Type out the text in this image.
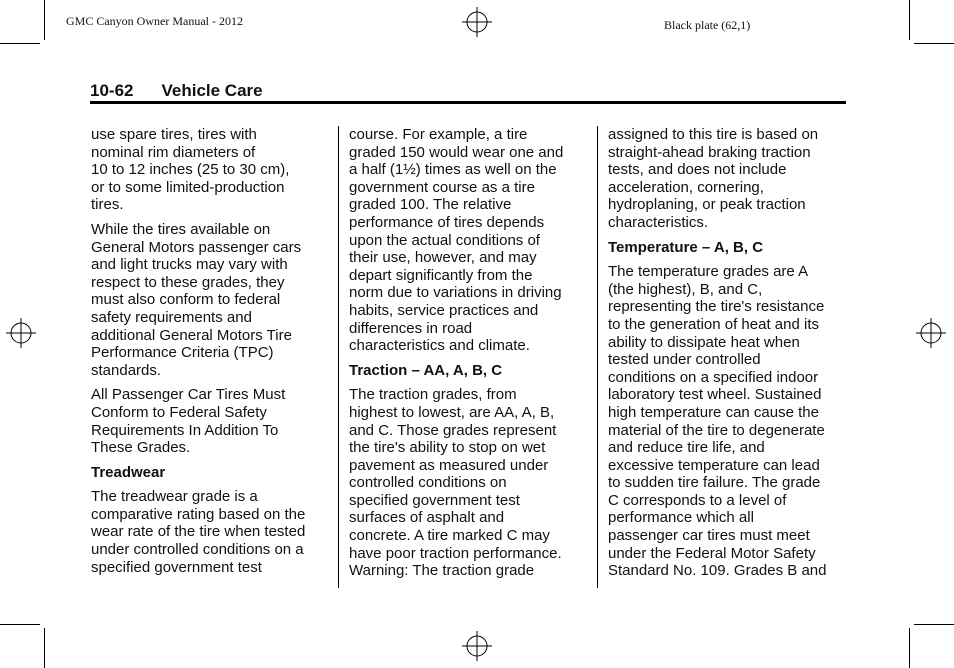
GMC Canyon Owner Manual - 2012	Black plate (62,1)
10-62 Vehicle Care

use spare tires, tires with
nominal rim diameters of
10 to 12 inches (25 to 30 cm),
or to some limited-production
tires.

While the tires available on
General Motors passenger cars
and light trucks may vary with
respect to these grades, they
must also conform to federal
safety requirements and
additional General Motors Tire
Performance Criteria (TPC)
standards.

All Passenger Car Tires Must
Conform to Federal Safety
Requirements In Addition To
These Grades.

Treadwear

The treadwear grade is a
comparative rating based on the
wear rate of the tire when tested
under controlled conditions on a
specified government test

course. For example, a tire
graded 150 would wear one and
a half (1½) times as well on the
government course as a tire
graded 100. The relative
performance of tires depends
upon the actual conditions of
their use, however, and may
depart significantly from the
norm due to variations in driving
habits, service practices and
differences in road
characteristics and climate.

Traction – AA, A, B, C

The traction grades, from
highest to lowest, are AA, A, B,
and C. Those grades represent
the tire's ability to stop on wet
pavement as measured under
controlled conditions on
specified government test
surfaces of asphalt and
concrete. A tire marked C may
have poor traction performance.
Warning: The traction grade

assigned to this tire is based on
straight-ahead braking traction
tests, and does not include
acceleration, cornering,
hydroplaning, or peak traction
characteristics.

Temperature – A, B, C

The temperature grades are A
(the highest), B, and C,
representing the tire's resistance
to the generation of heat and its
ability to dissipate heat when
tested under controlled
conditions on a specified indoor
laboratory test wheel. Sustained
high temperature can cause the
material of the tire to degenerate
and reduce tire life, and
excessive temperature can lead
to sudden tire failure. The grade
C corresponds to a level of
performance which all
passenger car tires must meet
under the Federal Motor Safety
Standard No. 109. Grades B and
